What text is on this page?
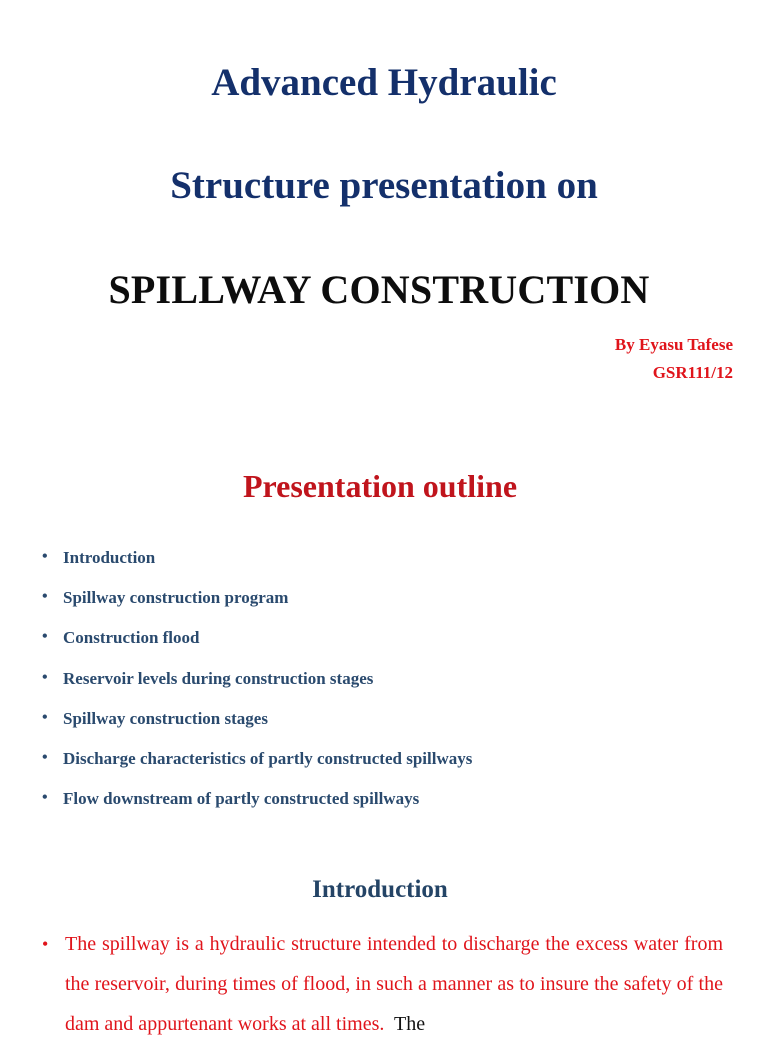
Advanced Hydraulic
Structure presentation on
SPILLWAY CONSTRUCTION
By Eyasu Tafese
GSR111/12
Presentation outline
• Introduction
• Spillway construction program
• Construction flood
• Reservoir levels during construction stages
• Spillway construction stages
• Discharge characteristics of partly constructed spillways
• Flow downstream of partly constructed spillways
Introduction
• The spillway is a hydraulic structure intended to discharge the excess water from the reservoir, during times of flood, in such a manner as to insure the safety of the dam and appurtenant works at all times. The
